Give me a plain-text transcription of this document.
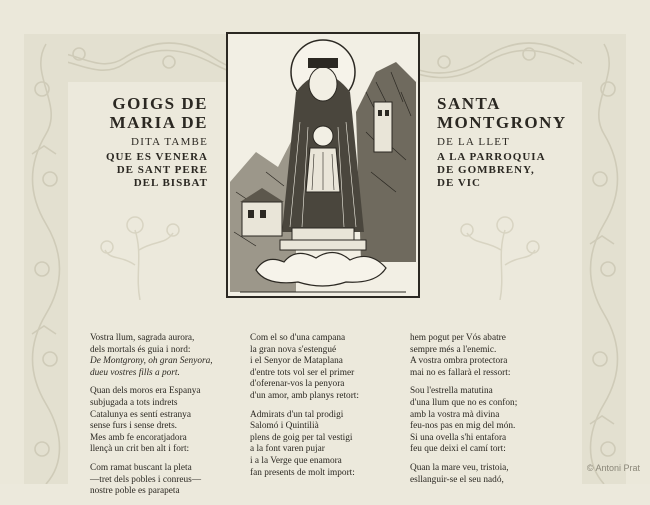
GOIGS DE
MARIA DE
DITA TAMBE
QUE ES VENERA
DE SANT PERE
DEL BISBAT
SANTA
MONTGRONY
DE LA LLET
A LA PARROQUIA
DE GOMBRENY,
DE VIC

Vostra llum, sagrada aurora,
dels mortals és guia i nord:
De Montgrony, oh gran Senyora,
dueu vostres fills a port.

Quan dels moros era Espanya
subjugada a tots indrets
Catalunya es sentí estranya
sense furs i sense drets.
Mes amb fe encoratjadora
llençà un crit ben alt i fort:

Com ramat buscant la pleta
—tret dels pobles i conreus—
nostre poble es parapeta

Com el so d'una campana
la gran nova s'estengué
i el Senyor de Mataplana
d'entre tots vol ser el primer
d'oferenar-vos la penyora
d'un amor, amb planys retort:

Admirats d'un tal prodigi
Salomó i Quintilià
plens de goig per tal vestigi
a la font varen pujar
i a la Verge que enamora
fan presents de molt import:

hem pogut per Vós abatre
sempre més a l'enemic.
A vostra ombra protectora
mai no es fallarà el ressort:

Sou l'estrella matutina
d'una llum que no es confon;
amb la vostra mà divina
feu-nos pas en mig del món.
Si una ovella s'hi entafora
feu que deixi el camí tort:

Quan la mare veu, tristoia,
esllanguir-se el seu nadó,

© Antoni Prat
